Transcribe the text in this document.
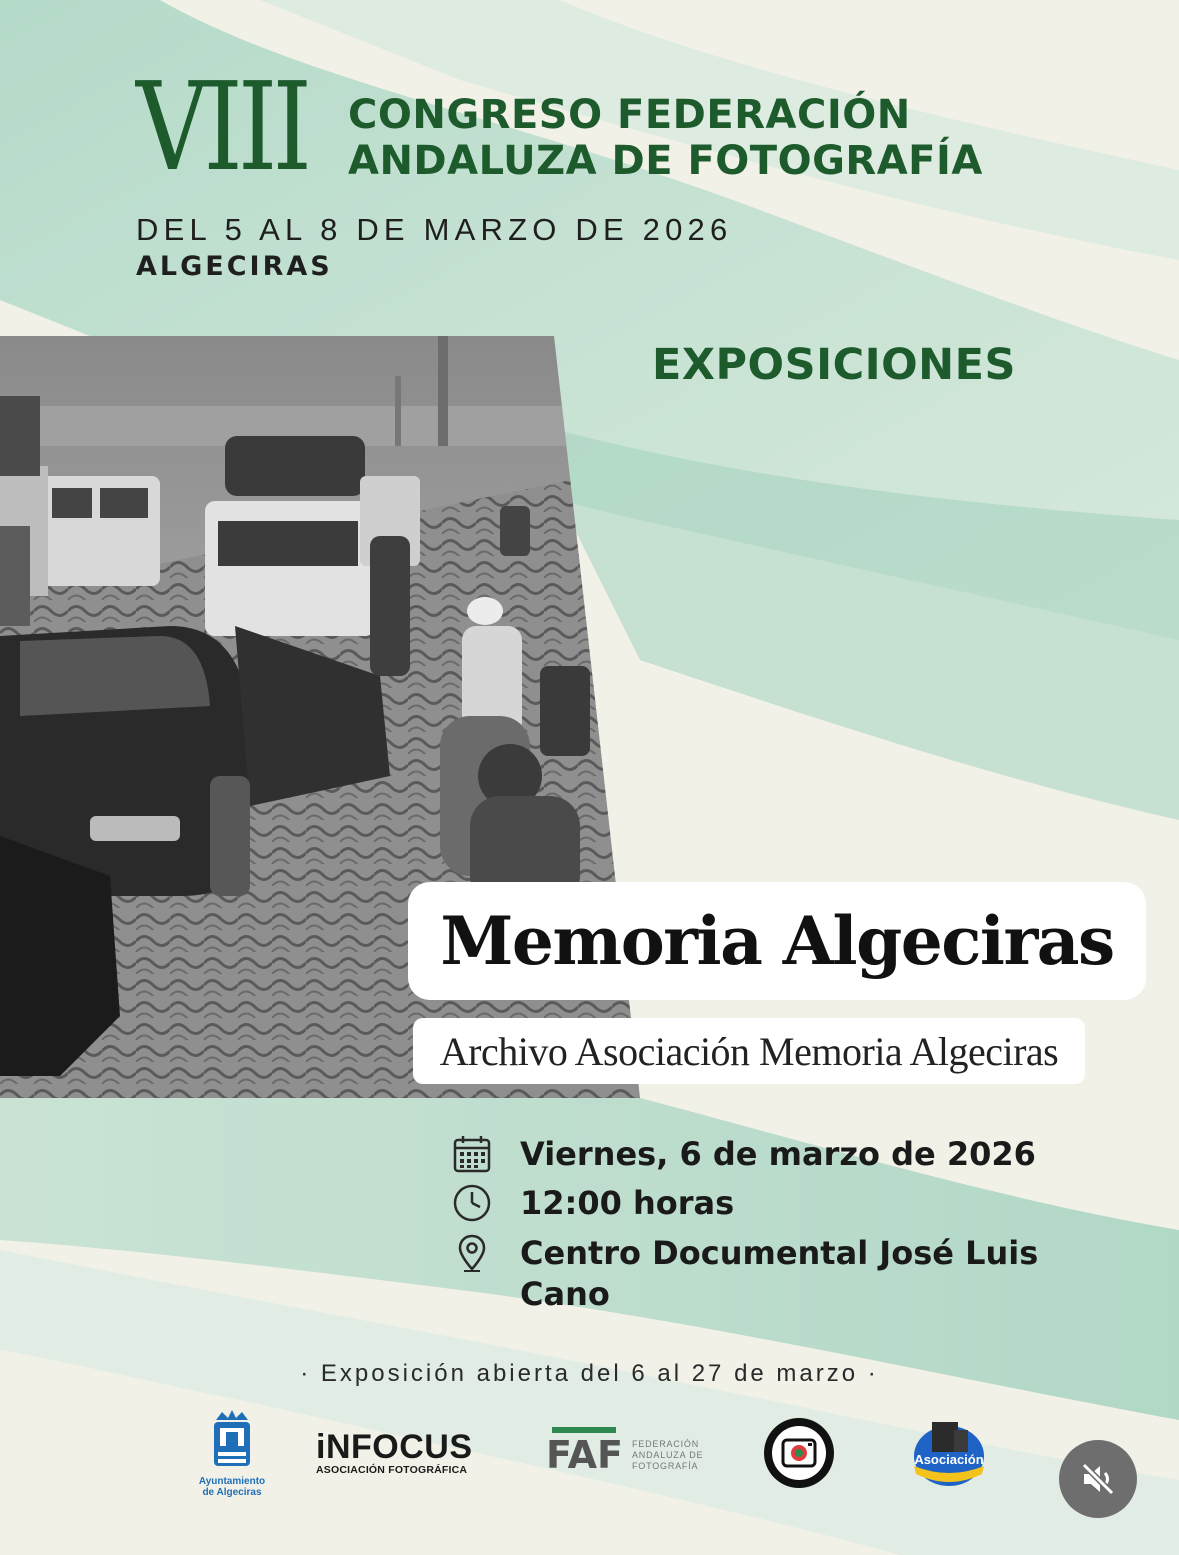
VIII CONGRESO FEDERACIÓN
ANDALUZA DE FOTOGRAFÍA
DEL 5 AL 8 DE MARZO DE 2026
ALGECIRAS
EXPOSICIONES
Memoria Algeciras
Archivo Asociación Memoria Algeciras
Viernes, 6 de marzo de 2026
12:00 horas
Centro Documental José Luis
Cano
· Exposición abierta del 6 al 27 de marzo ·
Ayuntamiento
de Algeciras
iNFOCUS
ASOCIACIÓN FOTOGRÁFICA FAF FEDERACIÓN
ANDALUZA DE
FOTOGRAFÍA	Asociación
